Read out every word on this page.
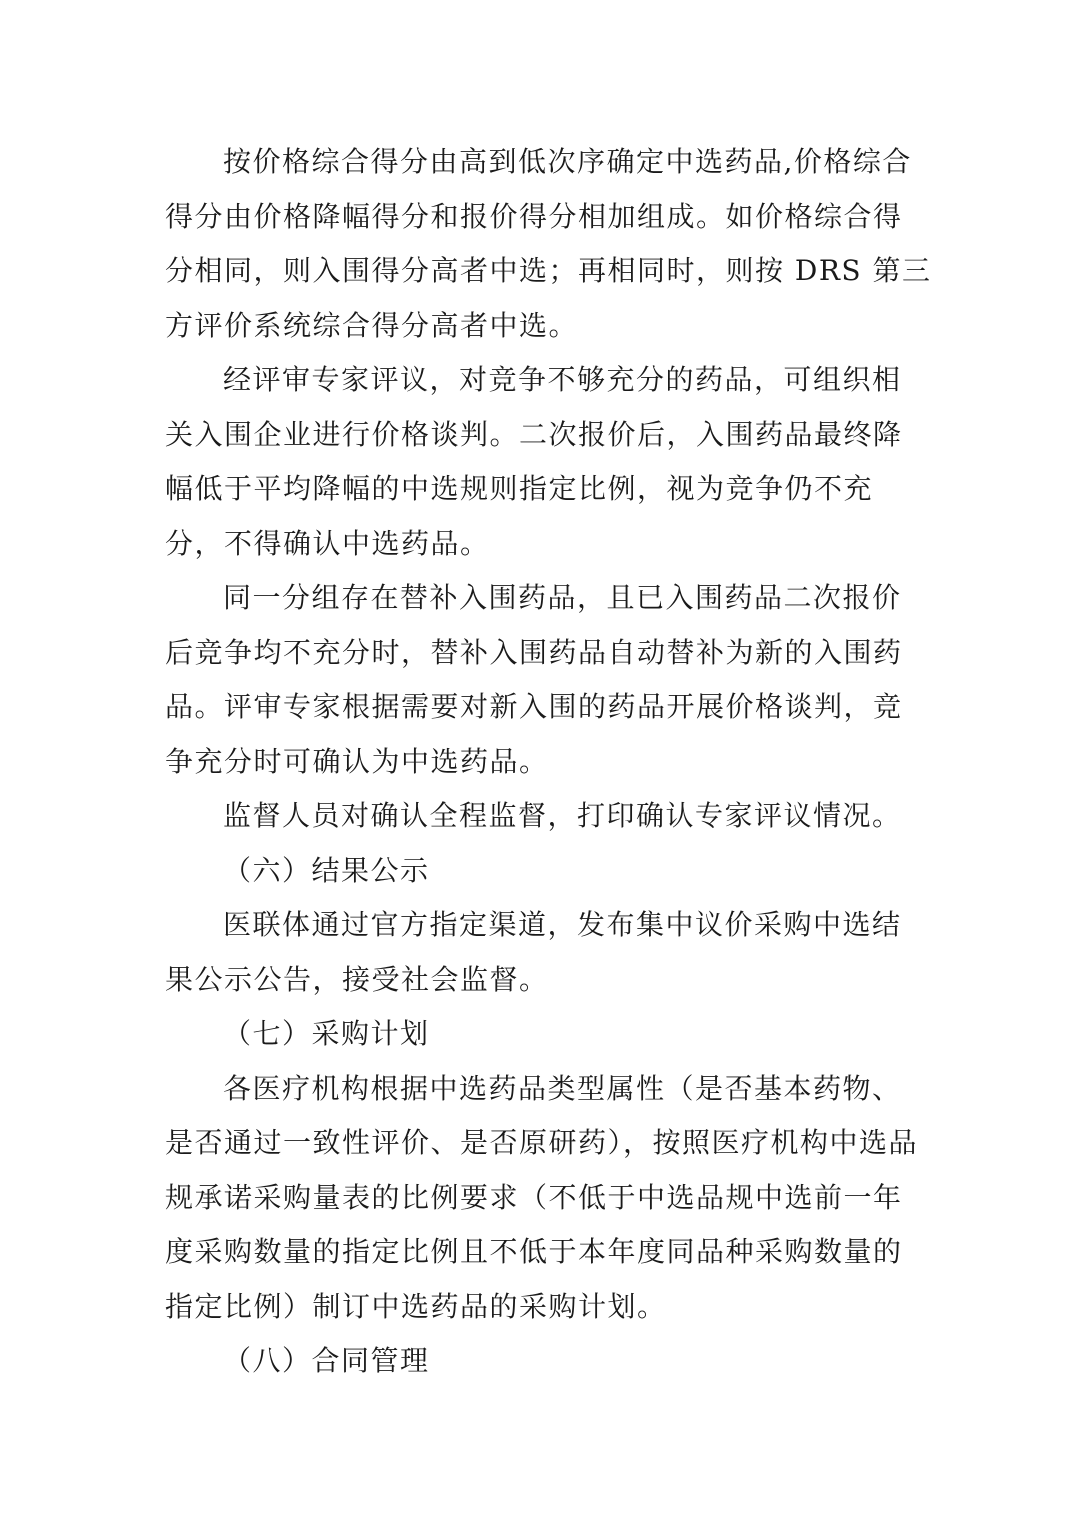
按价格综合得分由高到低次序确定中选药品,价格综合
得分由价格降幅得分和报价得分相加组成。如价格综合得
分相同，则入围得分高者中选；再相同时，则按 DRS 第三
方评价系统综合得分高者中选。
经评审专家评议，对竞争不够充分的药品，可组织相
关入围企业进行价格谈判。二次报价后，入围药品最终降
幅低于平均降幅的中选规则指定比例，视为竞争仍不充
分，不得确认中选药品。
同一分组存在替补入围药品，且已入围药品二次报价
后竞争均不充分时，替补入围药品自动替补为新的入围药
品。评审专家根据需要对新入围的药品开展价格谈判，竞
争充分时可确认为中选药品。
监督人员对确认全程监督，打印确认专家评议情况。
（六）结果公示
医联体通过官方指定渠道，发布集中议价采购中选结
果公示公告，接受社会监督。
（七）采购计划
各医疗机构根据中选药品类型属性（是否基本药物、
是否通过一致性评价、是否原研药），按照医疗机构中选品
规承诺采购量表的比例要求（不低于中选品规中选前一年
度采购数量的指定比例且不低于本年度同品种采购数量的
指定比例）制订中选药品的采购计划。
（八）合同管理
